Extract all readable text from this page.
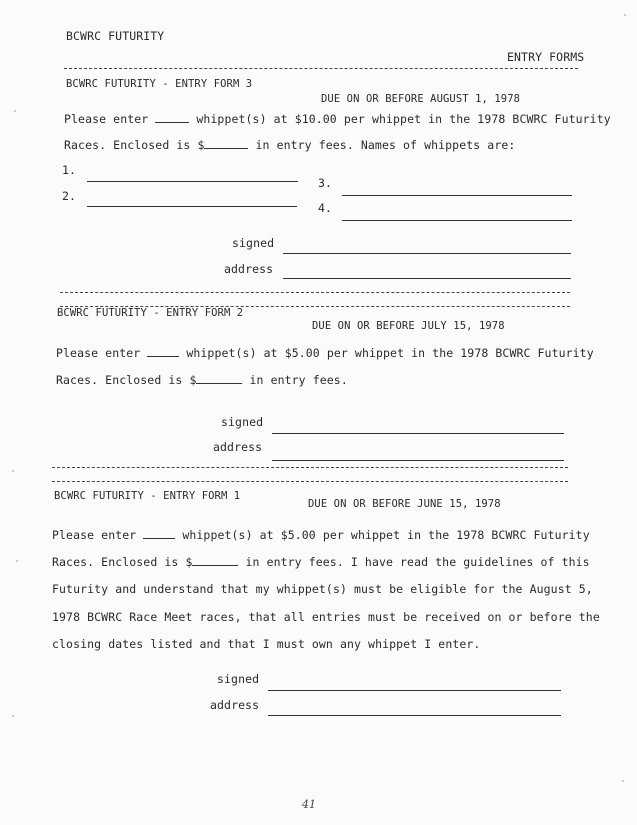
BCWRC FUTURITY
ENTRY FORMS
BCWRC FUTURITY - ENTRY FORM 3
DUE ON OR BEFORE AUGUST 1, 1978
Please enter	whippet(s) at $10.00 per whippet in the 1978 BCWRC Futurity
Races. Enclosed is $	in entry fees. Names of whippets are:
1.
2.
3.
4.
signed
address
BCWRC FUTURITY - ENTRY FORM 2
DUE ON OR BEFORE JULY 15, 1978
Please enter	whippet(s) at $5.00 per whippet in the 1978 BCWRC Futurity
Races. Enclosed is $	in entry fees.
signed
address
BCWRC FUTURITY - ENTRY FORM 1
DUE ON OR BEFORE JUNE 15, 1978
Please enter	whippet(s) at $5.00 per whippet in the 1978 BCWRC Futurity
Races. Enclosed is $	in entry fees. I have read the guidelines of this
Futurity and understand that my whippet(s) must be eligible for the August 5,
1978 BCWRC Race Meet races, that all entries must be received on or before the
closing dates listed and that I must own any whippet I enter.
signed
address
41
